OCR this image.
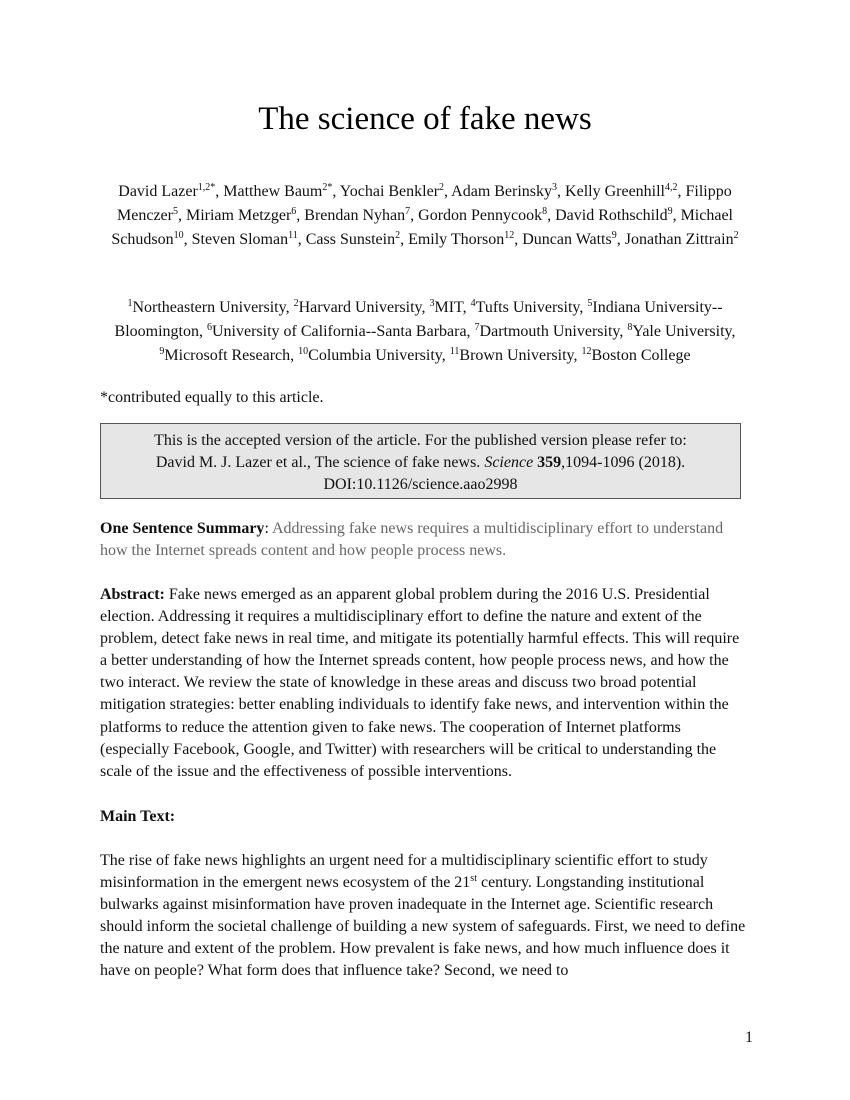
The science of fake news
David Lazer$^{1,2*}$, Matthew Baum$^{2*}$, Yochai Benkler$^2$, Adam Berinsky$^3$, Kelly Greenhill$^{4,2}$, Filippo Menczer$^5$, Miriam Metzger$^6$, Brendan Nyhan$^7$, Gordon Pennycook$^8$, David Rothschild$^9$, Michael Schudson$^{10}$, Steven Sloman$^{11}$, Cass Sunstein$^2$, Emily Thorson$^{12}$, Duncan Watts$^9$, Jonathan Zittrain$^2$
$^1$Northeastern University, $^2$Harvard University, $^3$MIT, $^4$Tufts University, $^5$Indiana University--Bloomington, $^6$University of California--Santa Barbara, $^7$Dartmouth University, $^8$Yale University, $^9$Microsoft Research, $^{10}$Columbia University, $^{11}$Brown University, $^{12}$Boston College
*contributed equally to this article.
This is the accepted version of the article. For the published version please refer to:
David M. J. Lazer et al., The science of fake news. Science 359,1094-1096 (2018).
DOI:10.1126/science.aao2998
One Sentence Summary: Addressing fake news requires a multidisciplinary effort to understand how the Internet spreads content and how people process news.
Abstract: Fake news emerged as an apparent global problem during the 2016 U.S. Presidential election. Addressing it requires a multidisciplinary effort to define the nature and extent of the problem, detect fake news in real time, and mitigate its potentially harmful effects. This will require a better understanding of how the Internet spreads content, how people process news, and how the two interact. We review the state of knowledge in these areas and discuss two broad potential mitigation strategies: better enabling individuals to identify fake news, and intervention within the platforms to reduce the attention given to fake news. The cooperation of Internet platforms (especially Facebook, Google, and Twitter) with researchers will be critical to understanding the scale of the issue and the effectiveness of possible interventions.
Main Text:
The rise of fake news highlights an urgent need for a multidisciplinary scientific effort to study misinformation in the emergent news ecosystem of the 21st century. Longstanding institutional bulwarks against misinformation have proven inadequate in the Internet age. Scientific research should inform the societal challenge of building a new system of safeguards. First, we need to define the nature and extent of the problem. How prevalent is fake news, and how much influence does it have on people? What form does that influence take? Second, we need to
1
